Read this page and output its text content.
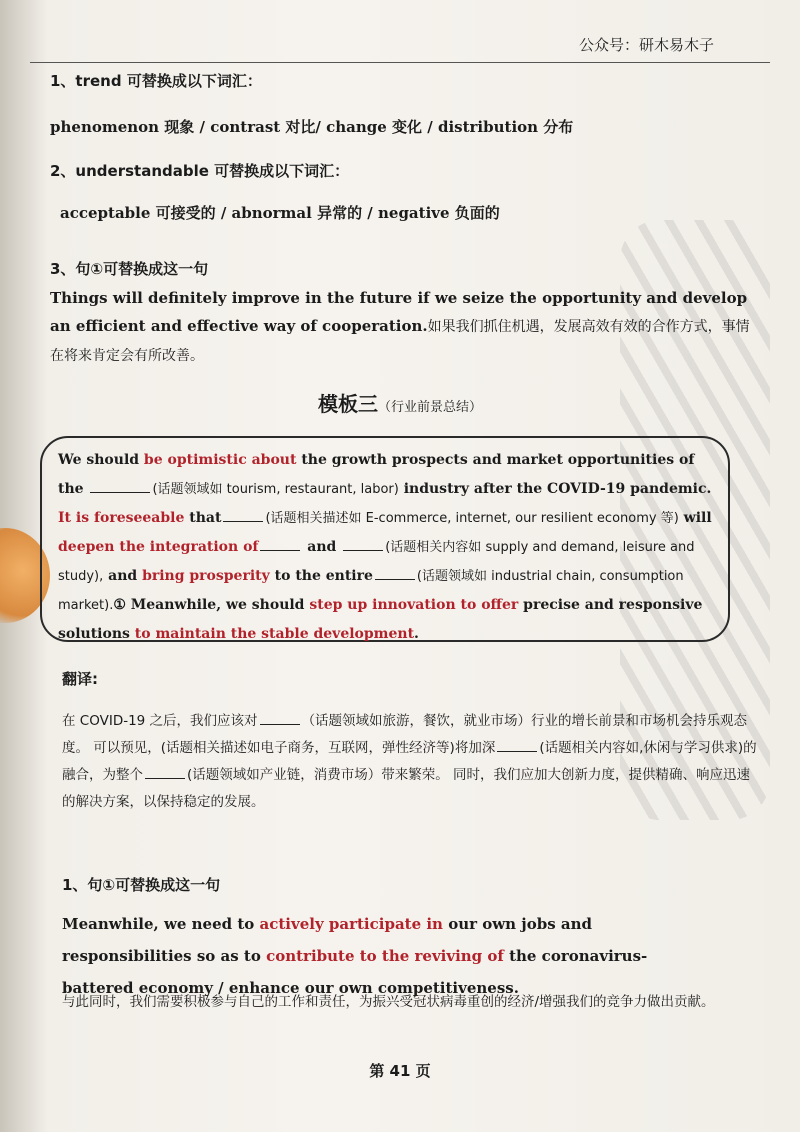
公众号：研木易木子
1、trend 可替换成以下词汇：
phenomenon 现象 / contrast 对比/ change 变化 / distribution 分布
2、understandable 可替换成以下词汇：
acceptable 可接受的 / abnormal 异常的 / negative 负面的
3、句①可替换成这一句
Things will definitely improve in the future if we seize the opportunity and develop an efficient and effective way of cooperation.如果我们抓住机遇，发展高效有效的合作方式，事情在将来肯定会有所改善。
模板三（行业前景总结）

We should be optimistic about the growth prospects and market opportunities of the	(话题领域如 tourism, restaurant, labor) industry after the COVID-19 pandemic. It is foreseeable that	(话题相关描述如 E-commerce, internet, our resilient economy 等) will deepen the integration of	and	(话题相关内容如 supply and demand, leisure and study), and bring prosperity to the entire	(话题领域如 industrial chain, consumption market).① Meanwhile, we should step up innovation to offer precise and responsive solutions to maintain the stable development.

翻译:
在 COVID-19 之后，我们应该对	（话题领域如旅游，餐饮，就业市场）行业的增长前景和市场机会持乐观态度。 可以预见，(话题相关描述如电子商务，互联网，弹性经济等)将加深	(话题相关内容如,休闲与学习供求)的融合，为整个	(话题领域如产业链，消费市场）带来繁荣。 同时，我们应加大创新力度，提供精确、响应迅速的解决方案，以保持稳定的发展。
1、句①可替换成这一句
Meanwhile, we need to actively participate in our own jobs and responsibilities so as to contribute to the reviving of the coronavirus-battered economy / enhance our own competitiveness.
与此同时，我们需要积极参与自己的工作和责任，为振兴受冠状病毒重创的经济/增强我们的竞争力做出贡献。
第 41 页
